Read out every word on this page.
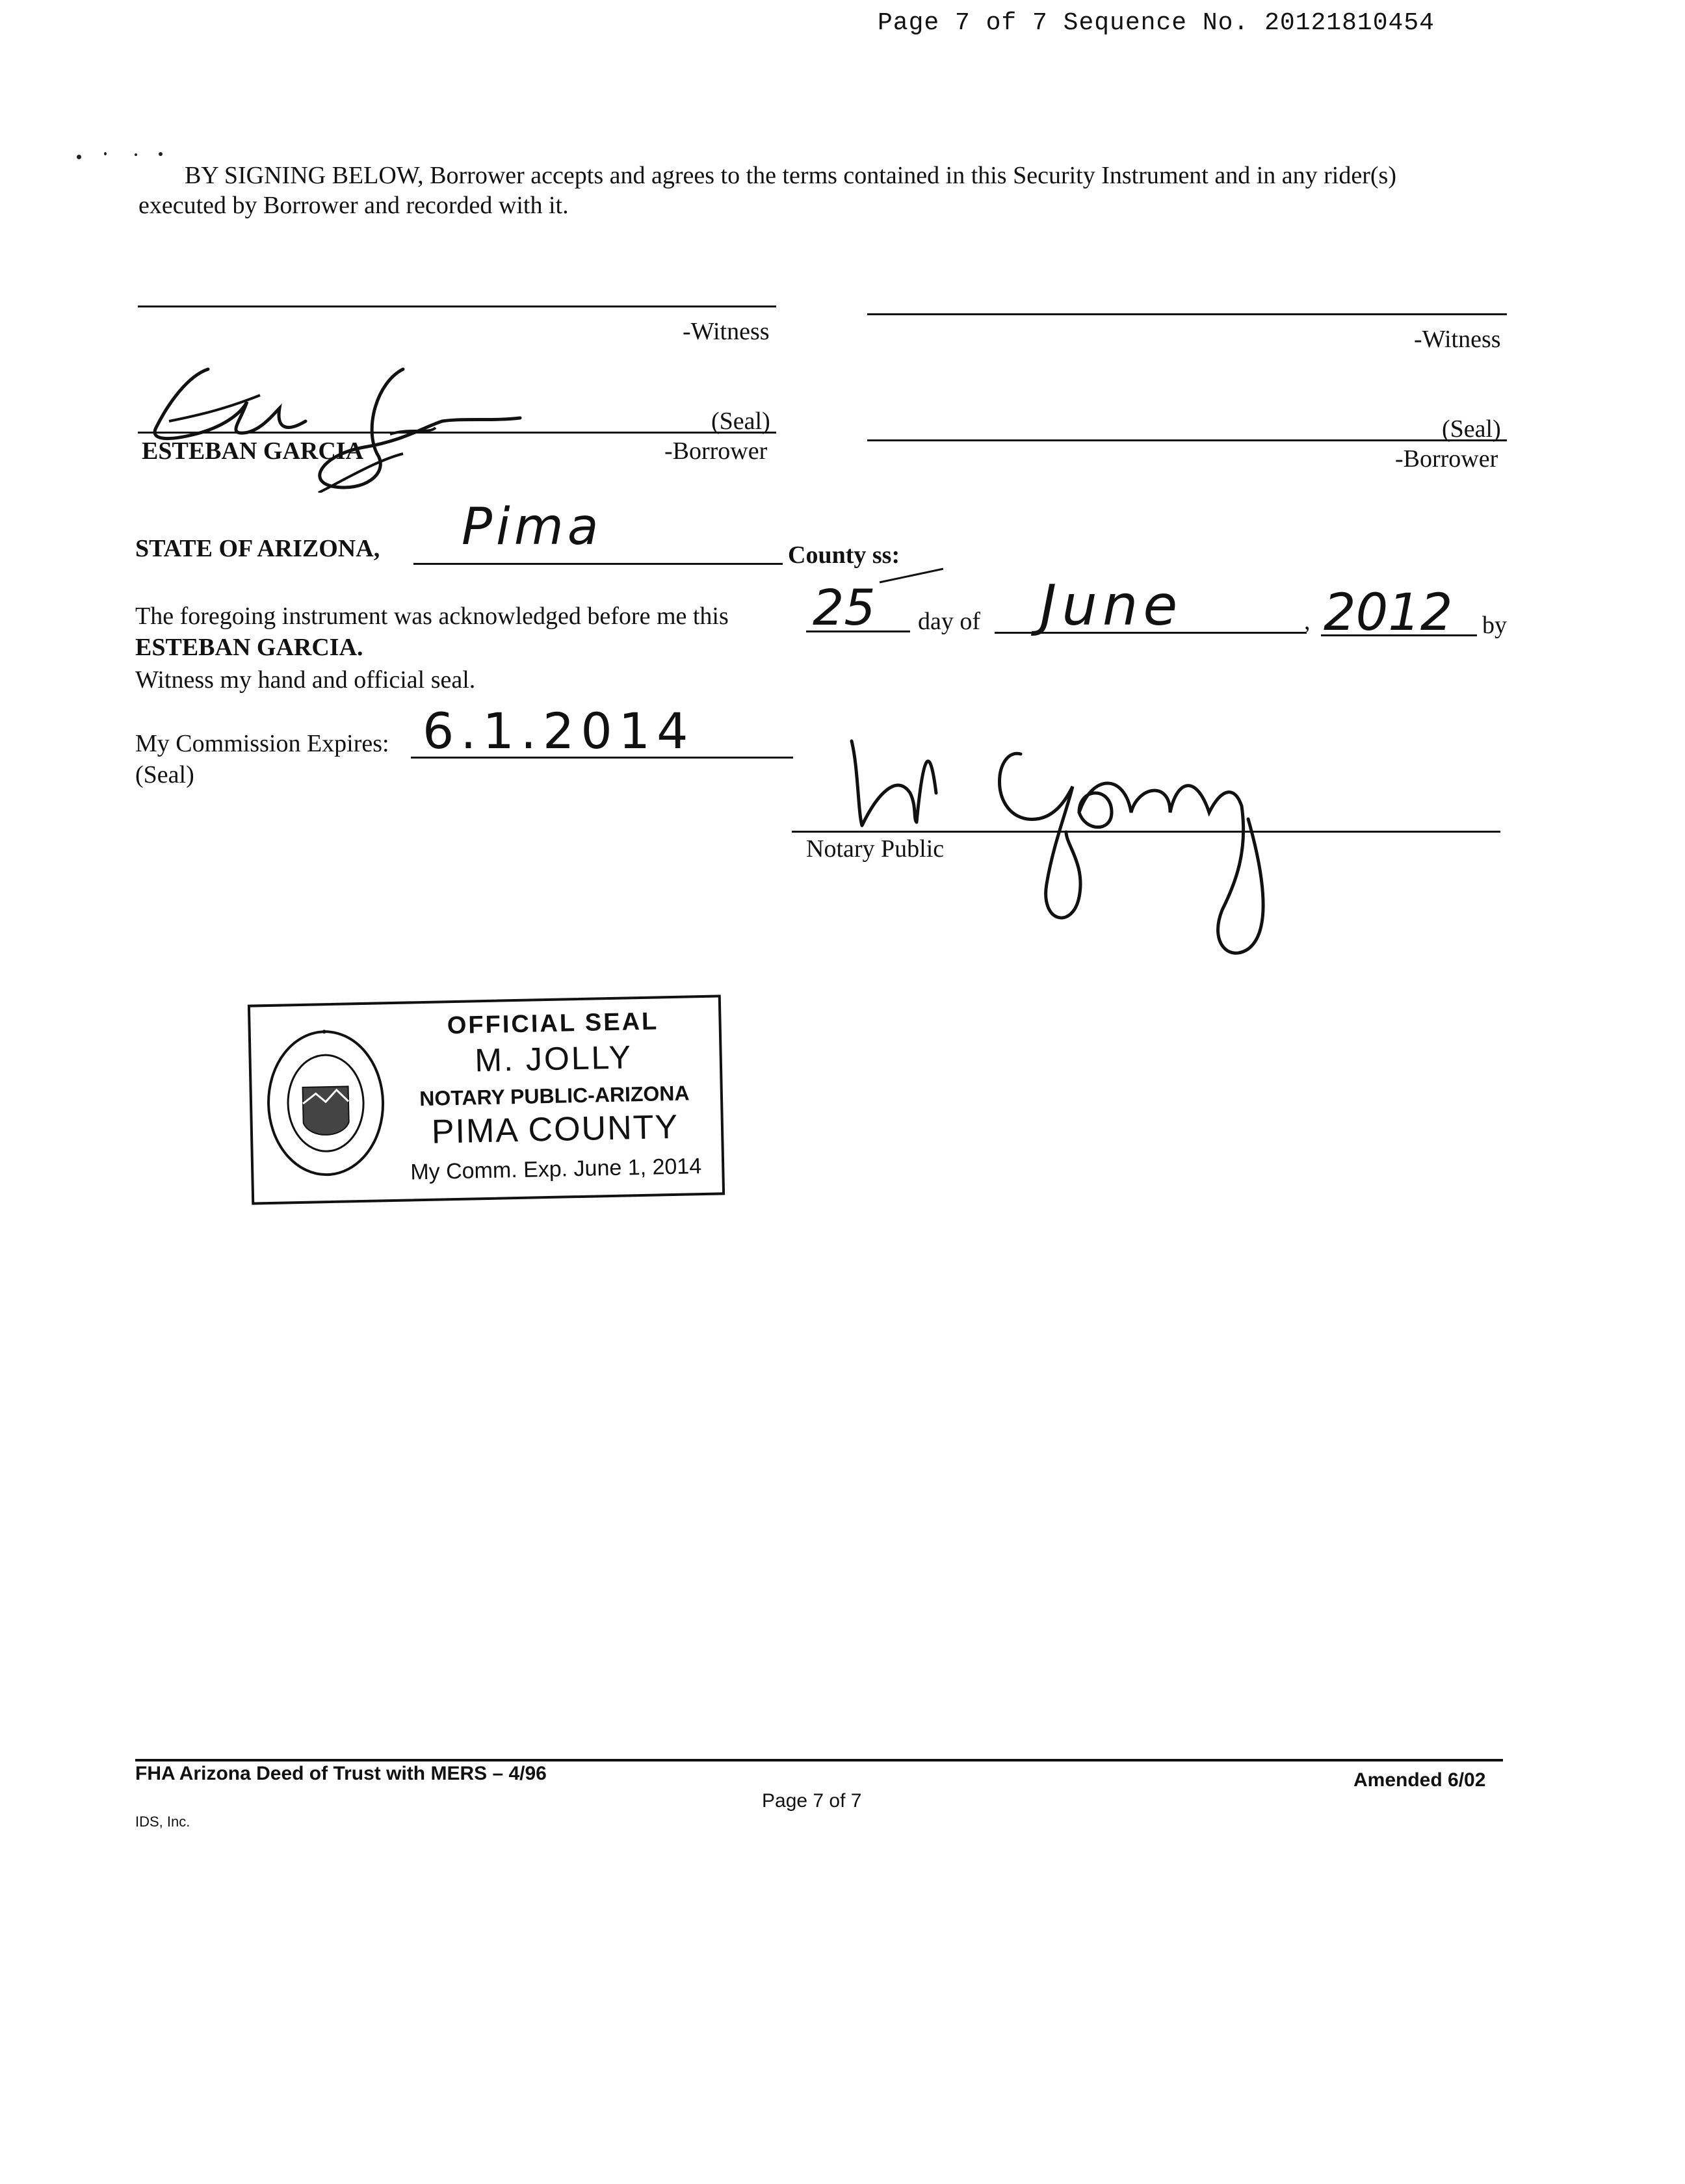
Page 7 of 7 Sequence No. 20121810454
BY SIGNING BELOW, Borrower accepts and agrees to the terms contained in this Security Instrument and in any rider(s)
executed by Borrower and recorded with it.
-Witness	-Witness
(Seal)
ESTEBAN GARCIA	-Borrower
(Seal)
-Borrower
STATE OF ARIZONA, Pima	County ss:
The foregoing instrument was acknowledged before me this 25 day of June	, 2012 by
ESTEBAN GARCIA.
Witness my hand and official seal.
My Commission Expires: 6.1.2014
(Seal)
Notary Public
OFFICIAL SEAL
M. JOLLY
NOTARY PUBLIC-ARIZONA
PIMA COUNTY
My Comm. Exp. June 1, 2014
FHA Arizona Deed of Trust with MERS – 4/96
Page 7 of 7
Amended 6/02
IDS, Inc.
